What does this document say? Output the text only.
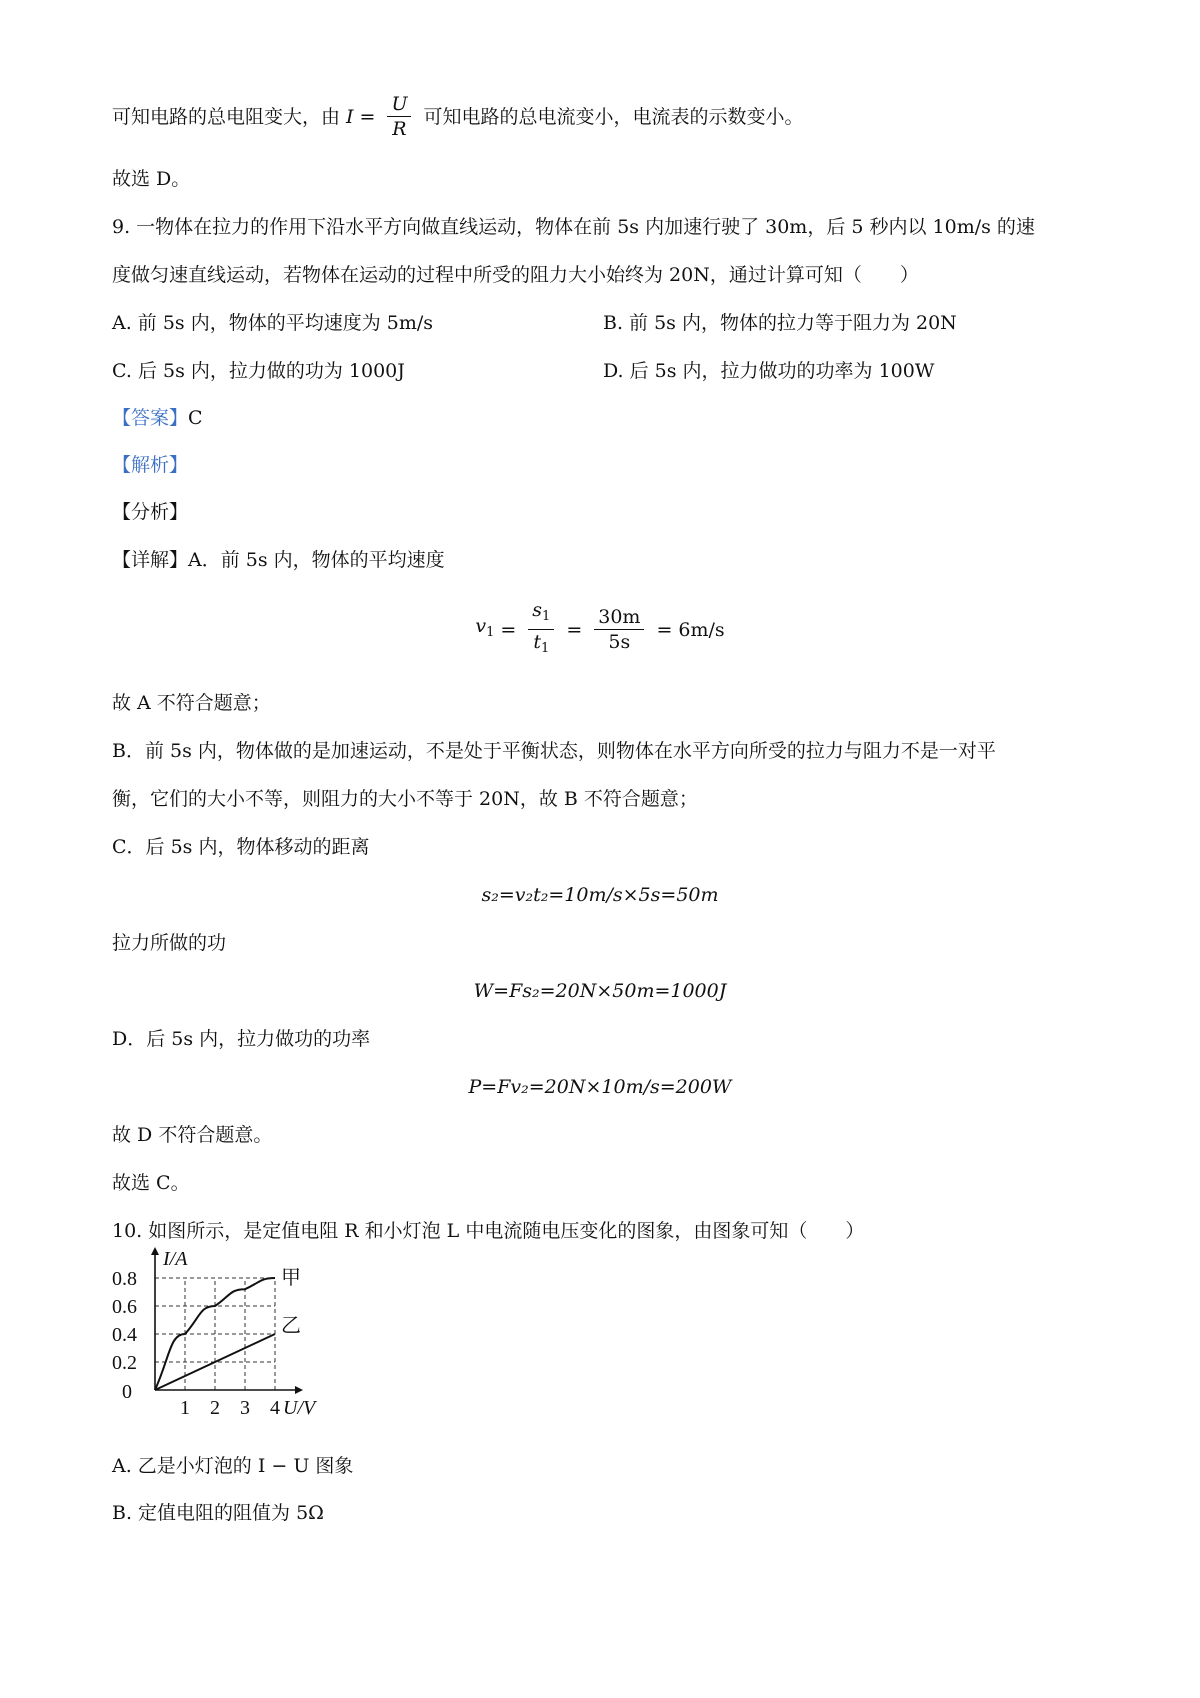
可知电路的总电阻变大，由 $I = \frac{U}{R}$ 可知电路的总电流变小，电流表的示数变小。
故选 D。
9. 一物体在拉力的作用下沿水平方向做直线运动，物体在前 5s 内加速行驶了 30m，后 5 秒内以 10m/s 的速
度做匀速直线运动，若物体在运动的过程中所受的阻力大小始终为 20N，通过计算可知（　　）
A. 前 5s 内，物体的平均速度为 5m/s	B. 前 5s 内，物体的拉力等于阻力为 20N
C. 后 5s 内，拉力做的功为 1000J	D. 后 5s 内，拉力做功的功率为 100W
【答案】C
【解析】
【分析】
【详解】A．前 5s 内，物体的平均速度
$v_1 = \frac{s_1}{t_1} = \frac{30m}{5s} = 6m/s$
故 A 不符合题意；
B．前 5s 内，物体做的是加速运动，不是处于平衡状态，则物体在水平方向所受的拉力与阻力不是一对平
衡，它们的大小不等，则阻力的大小不等于 20N，故 B 不符合题意；
C．后 5s 内，物体移动的距离
s₂=v₂t₂=10m/s×5s=50m
拉力所做的功
W=Fs₂=20N×50m=1000J
D．后 5s 内，拉力做功的功率
P=Fv₂=20N×10m/s=200W
故 D 不符合题意。
故选 C。
10. 如图所示，是定值电阻 R 和小灯泡 L 中电流随电压变化的图象，由图象可知（　　）
0.2
0.4
0.6
0.8
1 2 3 4
0
I/A
U/V
甲
乙
A. 乙是小灯泡的 I − U 图象
B. 定值电阻的阻值为 5Ω
